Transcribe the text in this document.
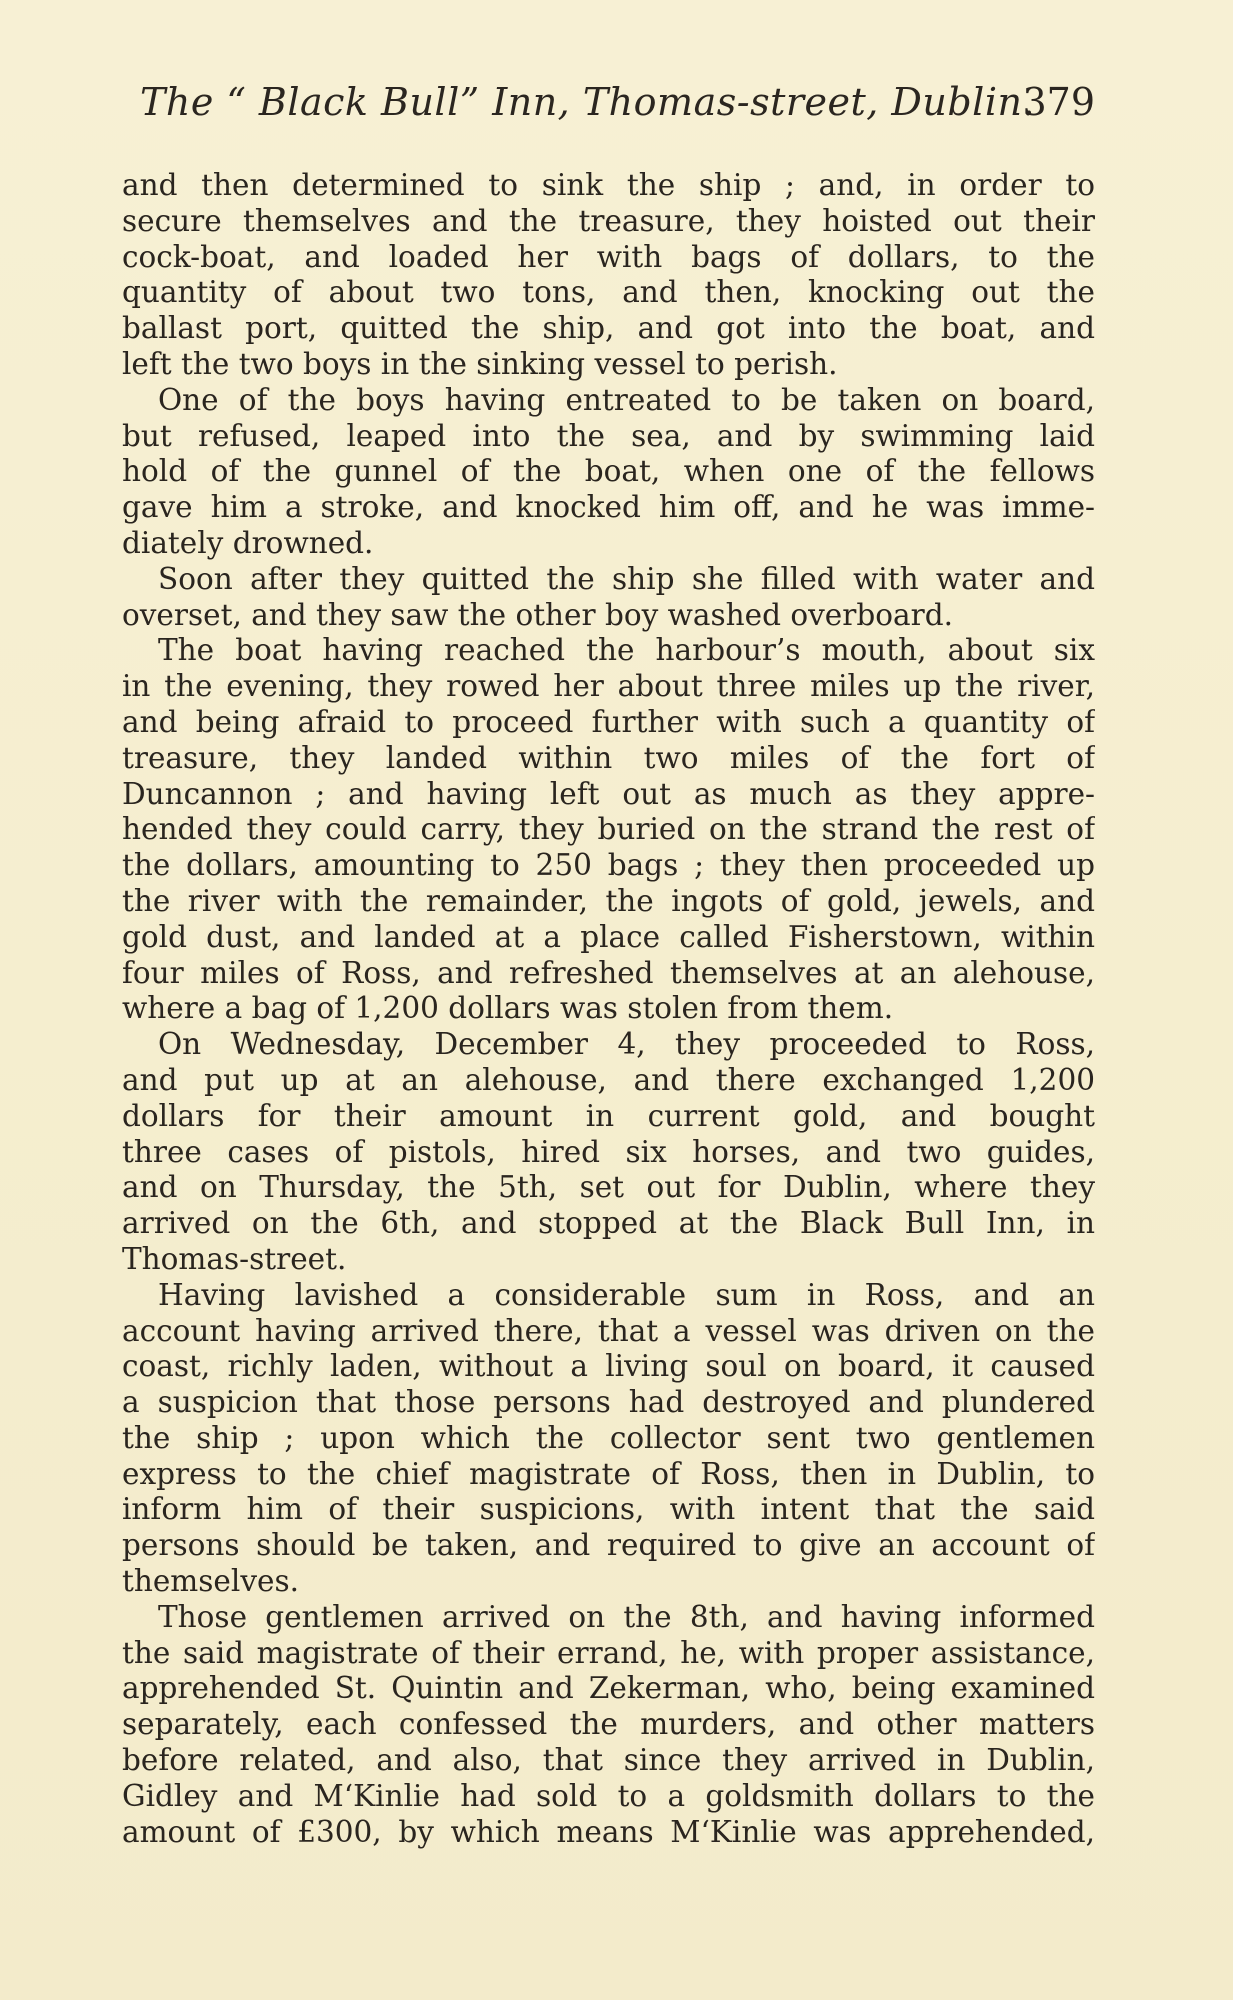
The “ Black Bull” Inn, Thomas-street, Dublin.
379
and then determined to sink the ship ; and, in order to
secure themselves and the treasure, they hoisted out their
cock-boat, and loaded her with bags of dollars, to the
quantity of about two tons, and then, knocking out the
ballast port, quitted the ship, and got into the boat, and
left the two boys in the sinking vessel to perish.
One of the boys having entreated to be taken on board,
but refused, leaped into the sea, and by swimming laid
hold of the gunnel of the boat, when one of the fellows
gave him a stroke, and knocked him off, and he was imme-
diately drowned.
Soon after they quitted the ship she filled with water and
overset, and they saw the other boy washed overboard.
The boat having reached the harbour’s mouth, about six
in the evening, they rowed her about three miles up the river,
and being afraid to proceed further with such a quantity of
treasure, they landed within two miles of the fort of
Duncannon ; and having left out as much as they appre-
hended they could carry, they buried on the strand the rest of
the dollars, amounting to 250 bags ; they then proceeded up
the river with the remainder, the ingots of gold, jewels, and
gold dust, and landed at a place called Fisherstown, within
four miles of Ross, and refreshed themselves at an alehouse,
where a bag of 1,200 dollars was stolen from them.
On Wednesday, December 4, they proceeded to Ross,
and put up at an alehouse, and there exchanged 1,200
dollars for their amount in current gold, and bought
three cases of pistols, hired six horses, and two guides,
and on Thursday, the 5th, set out for Dublin, where they
arrived on the 6th, and stopped at the Black Bull Inn, in
Thomas-street.
Having lavished a considerable sum in Ross, and an
account having arrived there, that a vessel was driven on the
coast, richly laden, without a living soul on board, it caused
a suspicion that those persons had destroyed and plundered
the ship ; upon which the collector sent two gentlemen
express to the chief magistrate of Ross, then in Dublin, to
inform him of their suspicions, with intent that the said
persons should be taken, and required to give an account of
themselves.
Those gentlemen arrived on the 8th, and having informed
the said magistrate of their errand, he, with proper assistance,
apprehended St. Quintin and Zekerman, who, being examined
separately, each confessed the murders, and other matters
before related, and also, that since they arrived in Dublin,
Gidley and M‘Kinlie had sold to a goldsmith dollars to the
amount of £300, by which means M‘Kinlie was apprehended,
